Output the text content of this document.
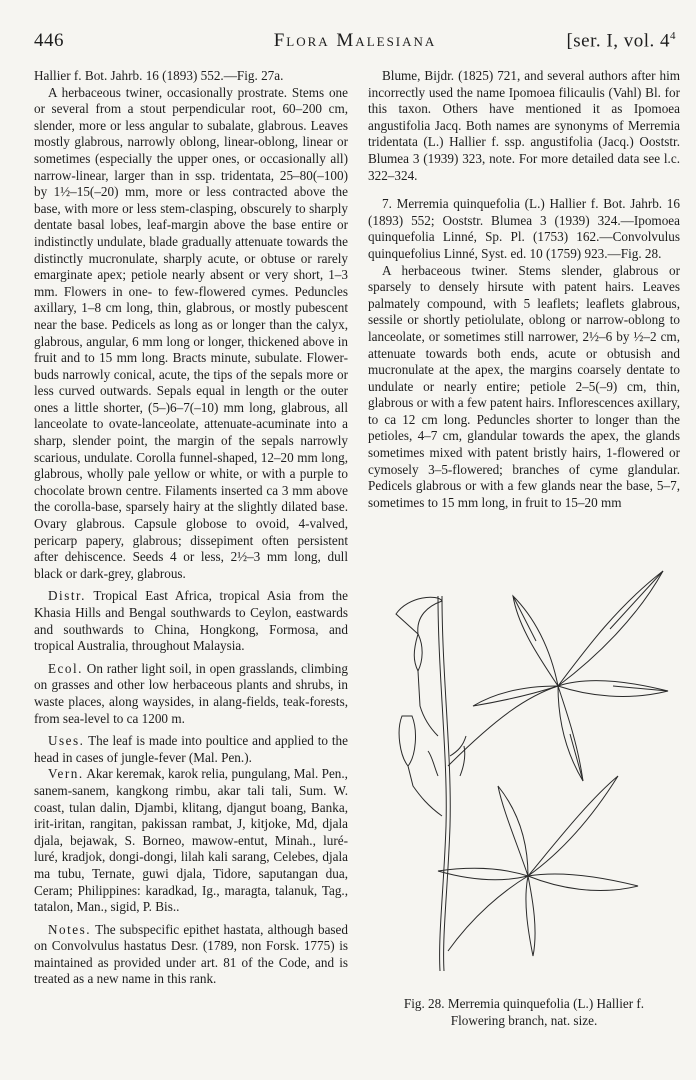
446	Flora Malesiana	[ser. I, vol. $4^4$

Hallier f. Bot. Jahrb. 16 (1893) 552.—Fig. 27a.

A herbaceous twiner, occasionally prostrate. Stems one or several from a stout perpendicular root, 60–200 cm, slender, more or less angular to subalate, glabrous. Leaves mostly glabrous, narrowly oblong, linear-oblong, linear or sometimes (especially the upper ones, or occasionally all) narrow-linear, larger than in ssp. tridentata, 25–80(–100) by 1½–15(–20) mm, more or less contracted above the base, with more or less stem-clasping, obscurely to sharply dentate basal lobes, leaf-margin above the base entire or indistinctly undulate, blade gradually attenuate towards the distinctly mucronulate, sharply acute, or obtuse or rarely emarginate apex; petiole nearly absent or very short, 1–3 mm. Flowers in one- to few-flowered cymes. Peduncles axillary, 1–8 cm long, thin, glabrous, or mostly pubescent near the base. Pedicels as long as or longer than the calyx, glabrous, angular, 6 mm long or longer, thickened above in fruit and to 15 mm long. Bracts minute, subulate. Flower-buds narrowly conical, acute, the tips of the sepals more or less curved outwards. Sepals equal in length or the outer ones a little shorter, (5–)6–7(–10) mm long, glabrous, all lanceolate to ovate-lanceolate, attenuate-acuminate into a sharp, slender point, the margin of the sepals narrowly scarious, undulate. Corolla funnel-shaped, 12–20 mm long, glabrous, wholly pale yellow or white, or with a purple to chocolate brown centre. Filaments inserted ca 3 mm above the corolla-base, sparsely hairy at the slightly dilated base. Ovary glabrous. Capsule globose to ovoid, 4-valved, pericarp papery, glabrous; dissepiment often persistent after dehiscence. Seeds 4 or less, 2½–3 mm long, dull black or dark-grey, glabrous.

Distr. Tropical East Africa, tropical Asia from the Khasia Hills and Bengal southwards to Ceylon, eastwards and southwards to China, Hongkong, Formosa, and tropical Australia, throughout Malaysia.

Ecol. On rather light soil, in open grasslands, climbing on grasses and other low herbaceous plants and shrubs, in waste places, along waysides, in alang-fields, teak-forests, from sea-level to ca 1200 m.

Uses. The leaf is made into poultice and applied to the head in cases of jungle-fever (Mal. Pen.).

Vern. Akar keremak, karok relia, pungulang, Mal. Pen., sanem-sanem, kangkong rimbu, akar tali tali, Sum. W. coast, tulan dalin, Djambi, klitang, djangut boang, Banka, irit-iritan, rangitan, pakissan rambat, J, kitjoke, Md, djala djala, bejawak, S. Borneo, mawow-entut, Minah., luré-luré, kradjok, dongi-dongi, lilah kali sarang, Celebes, djala ma tubu, Ternate, guwi djala, Tidore, saputangan dua, Ceram; Philippines: karadkad, Ig., maragta, talanuk, Tag., tatalon, Man., sigid, P. Bis..

Notes. The subspecific epithet hastata, although based on Convolvulus hastatus Desr. (1789, non Forsk. 1775) is maintained as provided under art. 81 of the Code, and is treated as a new name in this rank.

Blume, Bijdr. (1825) 721, and several authors after him incorrectly used the name Ipomoea filicaulis (Vahl) Bl. for this taxon. Others have mentioned it as Ipomoea angustifolia Jacq. Both names are synonyms of Merremia tridentata (L.) Hallier f. ssp. angustifolia (Jacq.) Ooststr. Blumea 3 (1939) 323, note. For more detailed data see l.c. 322–324.

7. Merremia quinquefolia (L.) Hallier f. Bot. Jahrb. 16 (1893) 552; Ooststr. Blumea 3 (1939) 324.—Ipomoea quinquefolia Linné, Sp. Pl. (1753) 162.—Convolvulus quinquefolius Linné, Syst. ed. 10 (1759) 923.—Fig. 28.

A herbaceous twiner. Stems slender, glabrous or sparsely to densely hirsute with patent hairs. Leaves palmately compound, with 5 leaflets; leaflets glabrous, sessile or shortly petiolulate, oblong or narrow-oblong to lanceolate, or sometimes still narrower, 2½–6 by ½–2 cm, attenuate towards both ends, acute or obtusish and mucronulate at the apex, the margins coarsely dentate to undulate or nearly entire; petiole 2–5(–9) cm, thin, glabrous or with a few patent hairs. Inflorescences axillary, to ca 12 cm long. Peduncles shorter to longer than the petioles, 4–7 cm, glandular towards the apex, the glands sometimes mixed with patent bristly hairs, 1-flowered or cymosely 3–5-flowered; branches of cyme glandular. Pedicels glabrous or with a few glands near the base, 5–7, sometimes to 15 mm long, in fruit to 15–20 mm

Fig. 28. Merremia quinquefolia (L.) Hallier f.
Flowering branch, nat. size.
